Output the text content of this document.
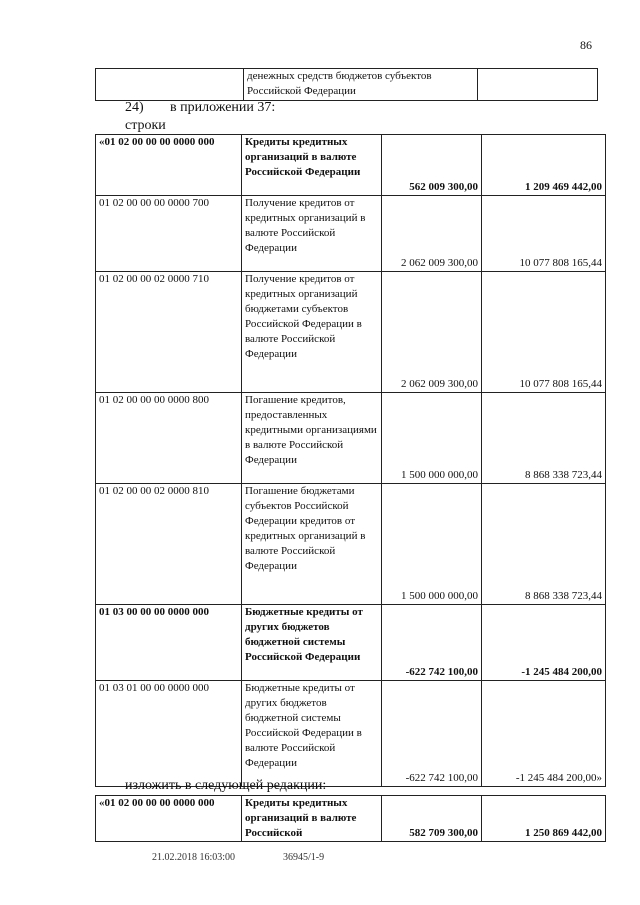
86
	денежных средств бюджетов субъектов Российской Федерации	
24) в приложении 37:
строки
«01 02 00 00 00 0000 000	Кредиты кредитных организаций в валюте Российской Федерации	562 009 300,00	1 209 469 442,00
01 02 00 00 00 0000 700	Получение кредитов от кредитных организаций в валюте Российской Федерации	2 062 009 300,00	10 077 808 165,44
01 02 00 00 02 0000 710	Получение кредитов от кредитных организаций бюджетами субъектов Российской Федерации в валюте Российской Федерации	2 062 009 300,00	10 077 808 165,44
01 02 00 00 00 0000 800	Погашение кредитов, предоставленных кредитными организациями в валюте Российской Федерации	1 500 000 000,00	8 868 338 723,44
01 02 00 00 02 0000 810	Погашение бюджетами субъектов Российской Федерации кредитов от кредитных организаций в валюте Российской Федерации	1 500 000 000,00	8 868 338 723,44
01 03 00 00 00 0000 000	Бюджетные кредиты от других бюджетов бюджетной системы Российской Федерации	-622 742 100,00	-1 245 484 200,00
01 03 01 00 00 0000 000	Бюджетные кредиты от других бюджетов бюджетной системы Российской Федерации в валюте Российской Федерации	-622 742 100,00	-1 245 484 200,00»
изложить в следующей редакции:
«01 02 00 00 00 0000 000	Кредиты кредитных организаций в валюте Российской	582 709 300,00	1 250 869 442,00
21.02.2018 16:03:00	36945/1-9
